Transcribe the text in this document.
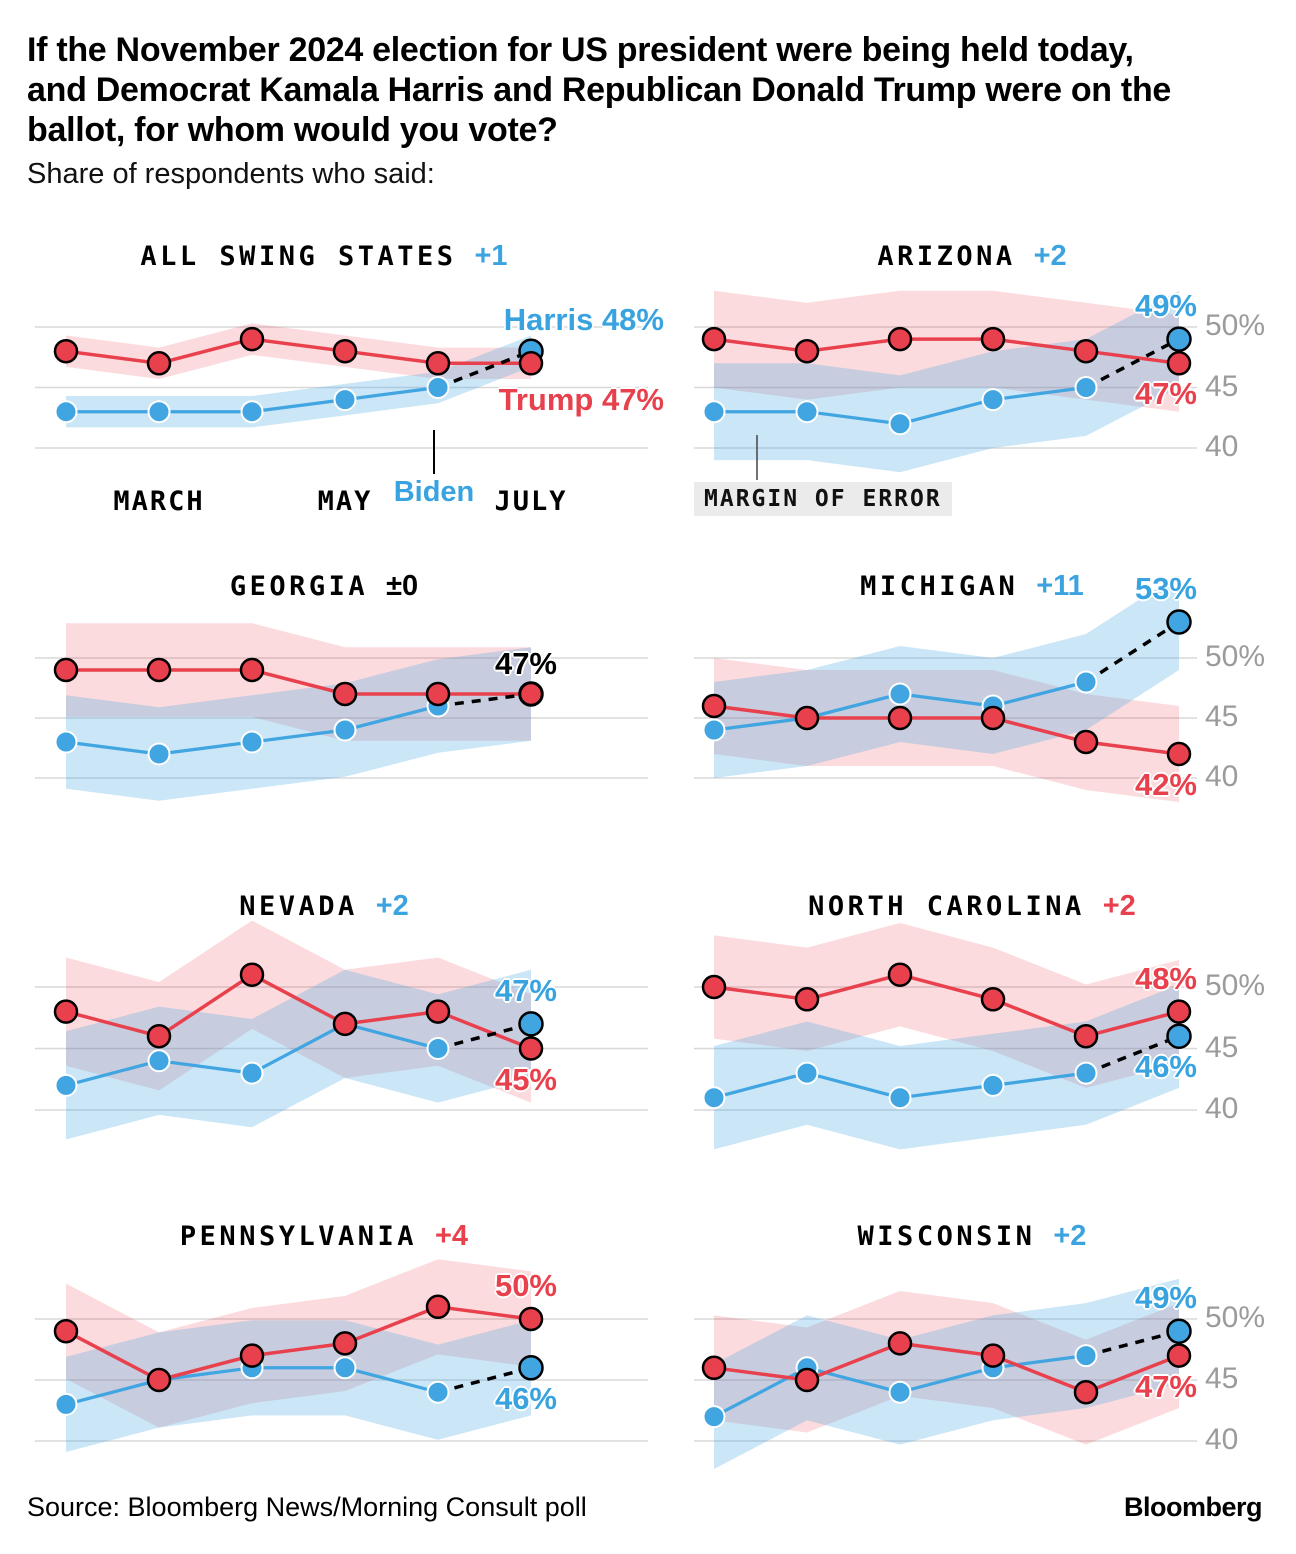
If the November 2024 election for US president were being held today, and Democrat Kamala Harris and Republican Donald Trump were on the ballot, for whom would you vote?

Share of respondents who said:

ALL SWING STATES +1
MARCH	MAY	JULY
Harris 48%
Trump 47%
Biden
ARIZONA +2
50%
45
40
49%
47%
MARGIN OF ERROR
GEORGIA ±0
47%
MICHIGAN +11
50%
45
40
53%
42%
NEVADA +2
47%
45%
NORTH CAROLINA +2
50%
45
40
46%
48%
PENNSYLVANIA +4
46%
50%
WISCONSIN +2
50%
45
40
49%
47%
Source: Bloomberg News/Morning Consult poll	Bloomberg
